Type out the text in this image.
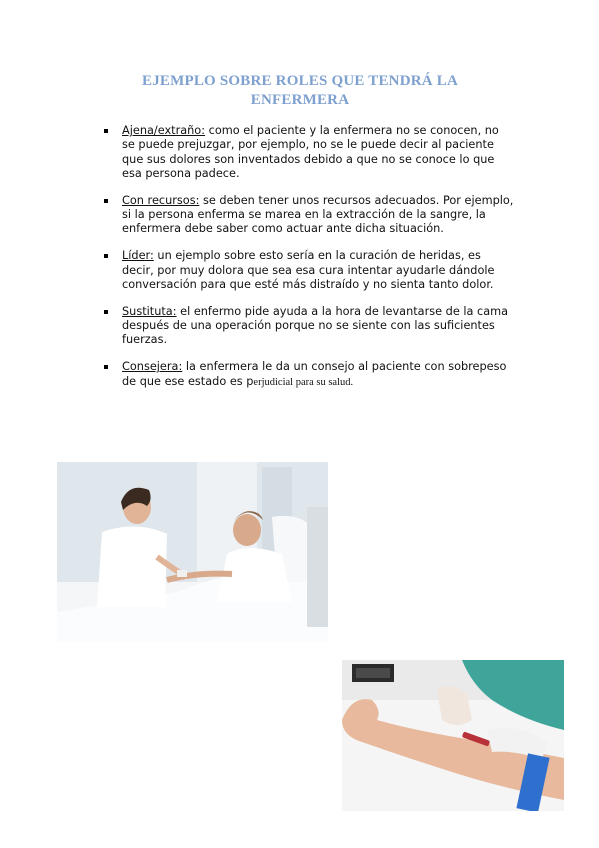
EJEMPLO SOBRE ROLES QUE TENDRÁ LA ENFERMERA
Ajena/extraño: como el paciente y la enfermera no se conocen, no se puede prejuzgar, por ejemplo, no se le puede decir al paciente que sus dolores son inventados debido a que no se conoce lo que esa persona padece.
Con recursos: se deben tener unos recursos adecuados. Por ejemplo, si la persona enferma se marea en la extracción de la sangre, la enfermera debe saber como actuar ante dicha situación.
Líder: un ejemplo sobre esto sería en la curación de heridas, es decir, por muy dolora que sea esa cura intentar ayudarle dándole conversación para que esté más distraído y no sienta tanto dolor.
Sustituta: el enfermo pide ayuda a la hora de levantarse de la cama después de una operación porque no se siente con las suficientes fuerzas.
Consejera: la enfermera le da un consejo al paciente con sobrepeso de que ese estado es perjudicial para su salud.
